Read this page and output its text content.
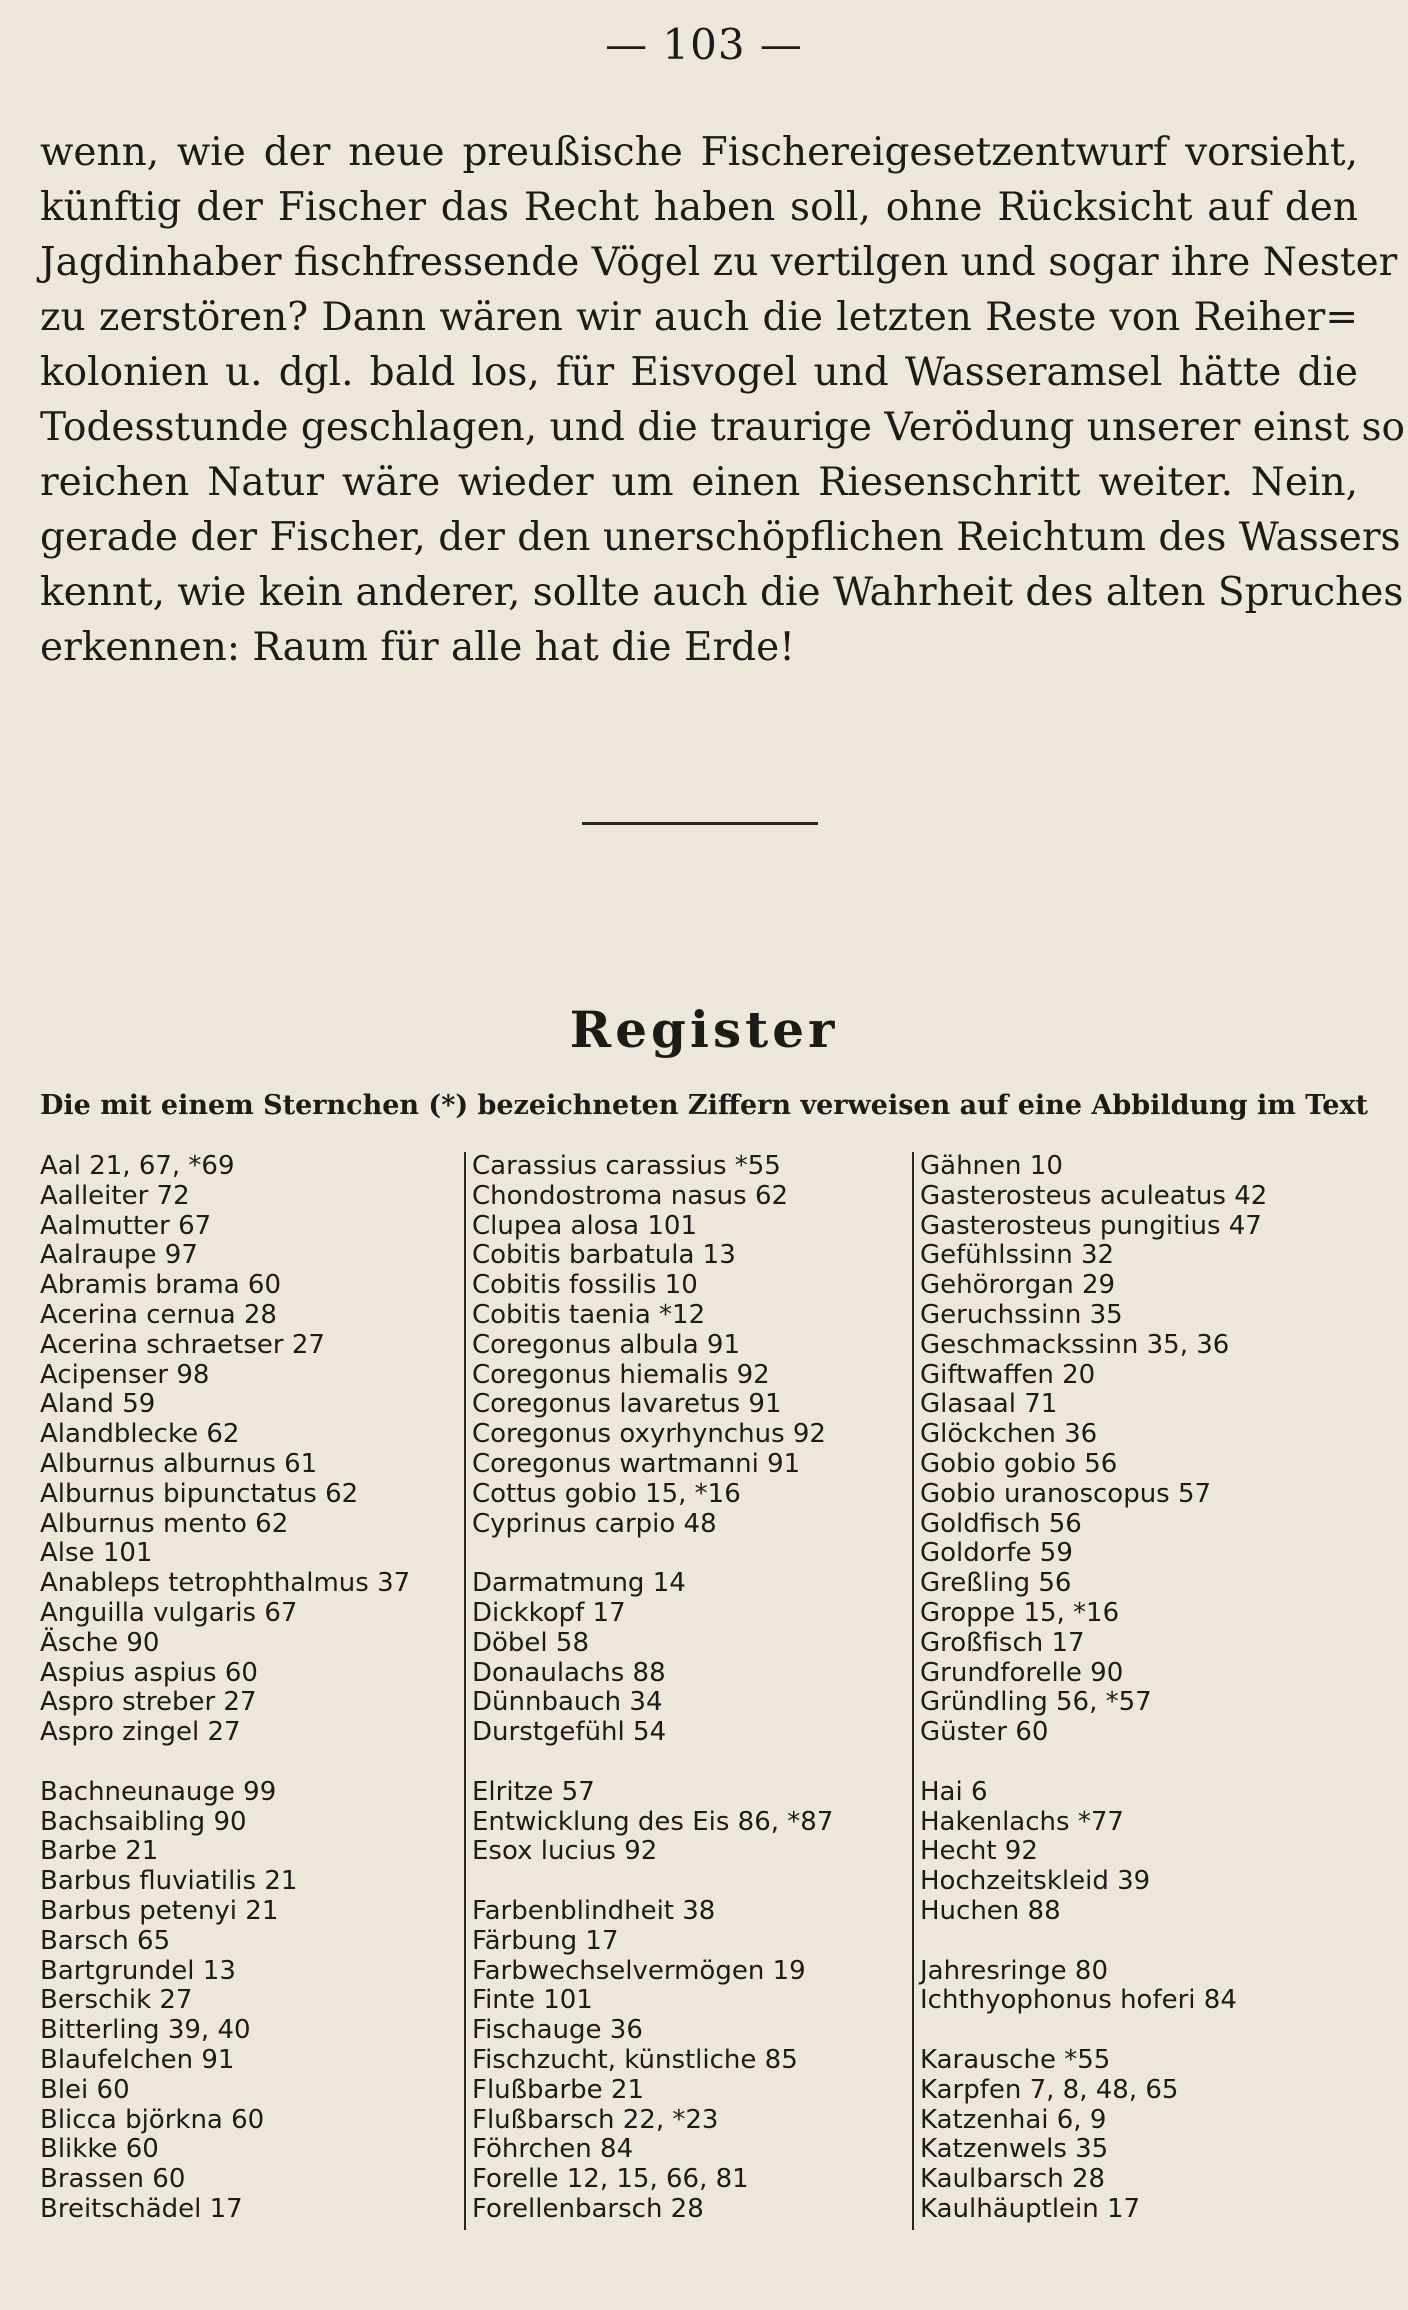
— 103 —
wenn, wie der neue preußische Fischereigesetzentwurf vorsieht,
künftig der Fischer das Recht haben soll, ohne Rücksicht auf den
Jagdinhaber fischfressende Vögel zu vertilgen und sogar ihre Nester
zu zerstören? Dann wären wir auch die letzten Reste von Reiher=
kolonien u. dgl. bald los, für Eisvogel und Wasseramsel hätte die
Todesstunde geschlagen, und die traurige Verödung unserer einst so
reichen Natur wäre wieder um einen Riesenschritt weiter. Nein,
gerade der Fischer, der den unerschöpflichen Reichtum des Wassers
kennt, wie kein anderer, sollte auch die Wahrheit des alten Spruches
erkennen: Raum für alle hat die Erde!
Register
Die mit einem Sternchen (*) bezeichneten Ziffern verweisen auf eine Abbildung im Text
Aal 21, 67, *69
Aalleiter 72
Aalmutter 67
Aalraupe 97
Abramis brama 60
Acerina cernua 28
Acerina schraetser 27
Acipenser 98
Aland 59
Alandblecke 62
Alburnus alburnus 61
Alburnus bipunctatus 62
Alburnus mento 62
Alse 101
Anableps tetrophthalmus 37
Anguilla vulgaris 67
Äsche 90
Aspius aspius 60
Aspro streber 27
Aspro zingel 27
Bachneunauge 99
Bachsaibling 90
Barbe 21
Barbus fluviatilis 21
Barbus petenyi 21
Barsch 65
Bartgrundel 13
Berschik 27
Bitterling 39, 40
Blaufelchen 91
Blei 60
Blicca björkna 60
Blikke 60
Brassen 60
Breitschädel 17
Carassius carassius *55
Chondostroma nasus 62
Clupea alosa 101
Cobitis barbatula 13
Cobitis fossilis 10
Cobitis taenia *12
Coregonus albula 91
Coregonus hiemalis 92
Coregonus lavaretus 91
Coregonus oxyrhynchus 92
Coregonus wartmanni 91
Cottus gobio 15, *16
Cyprinus carpio 48
Darmatmung 14
Dickkopf 17
Döbel 58
Donaulachs 88
Dünnbauch 34
Durstgefühl 54
Elritze 57
Entwicklung des Eis 86, *87
Esox lucius 92
Farbenblindheit 38
Färbung 17
Farbwechselvermögen 19
Finte 101
Fischauge 36
Fischzucht, künstliche 85
Flußbarbe 21
Flußbarsch 22, *23
Föhrchen 84
Forelle 12, 15, 66, 81
Forellenbarsch 28
Gähnen 10
Gasterosteus aculeatus 42
Gasterosteus pungitius 47
Gefühlssinn 32
Gehörorgan 29
Geruchssinn 35
Geschmackssinn 35, 36
Giftwaffen 20
Glasaal 71
Glöckchen 36
Gobio gobio 56
Gobio uranoscopus 57
Goldfisch 56
Goldorfe 59
Greßling 56
Groppe 15, *16
Großfisch 17
Grundforelle 90
Gründling 56, *57
Güster 60
Hai 6
Hakenlachs *77
Hecht 92
Hochzeitskleid 39
Huchen 88
Jahresringe 80
Ichthyophonus hoferi 84
Karausche *55
Karpfen 7, 8, 48, 65
Katzenhai 6, 9
Katzenwels 35
Kaulbarsch 28
Kaulhäuptlein 17
